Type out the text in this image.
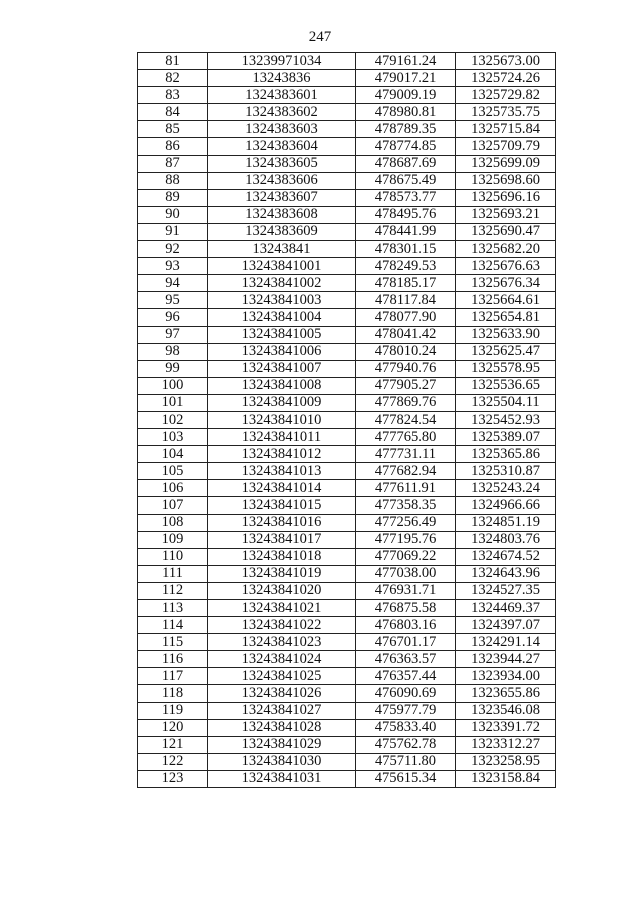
247
81	13239971034	479161.24	1325673.00
82	13243836	479017.21	1325724.26
83	1324383601	479009.19	1325729.82
84	1324383602	478980.81	1325735.75
85	1324383603	478789.35	1325715.84
86	1324383604	478774.85	1325709.79
87	1324383605	478687.69	1325699.09
88	1324383606	478675.49	1325698.60
89	1324383607	478573.77	1325696.16
90	1324383608	478495.76	1325693.21
91	1324383609	478441.99	1325690.47
92	13243841	478301.15	1325682.20
93	13243841001	478249.53	1325676.63
94	13243841002	478185.17	1325676.34
95	13243841003	478117.84	1325664.61
96	13243841004	478077.90	1325654.81
97	13243841005	478041.42	1325633.90
98	13243841006	478010.24	1325625.47
99	13243841007	477940.76	1325578.95
100	13243841008	477905.27	1325536.65
101	13243841009	477869.76	1325504.11
102	13243841010	477824.54	1325452.93
103	13243841011	477765.80	1325389.07
104	13243841012	477731.11	1325365.86
105	13243841013	477682.94	1325310.87
106	13243841014	477611.91	1325243.24
107	13243841015	477358.35	1324966.66
108	13243841016	477256.49	1324851.19
109	13243841017	477195.76	1324803.76
110	13243841018	477069.22	1324674.52
111	13243841019	477038.00	1324643.96
112	13243841020	476931.71	1324527.35
113	13243841021	476875.58	1324469.37
114	13243841022	476803.16	1324397.07
115	13243841023	476701.17	1324291.14
116	13243841024	476363.57	1323944.27
117	13243841025	476357.44	1323934.00
118	13243841026	476090.69	1323655.86
119	13243841027	475977.79	1323546.08
120	13243841028	475833.40	1323391.72
121	13243841029	475762.78	1323312.27
122	13243841030	475711.80	1323258.95
123	13243841031	475615.34	1323158.84
